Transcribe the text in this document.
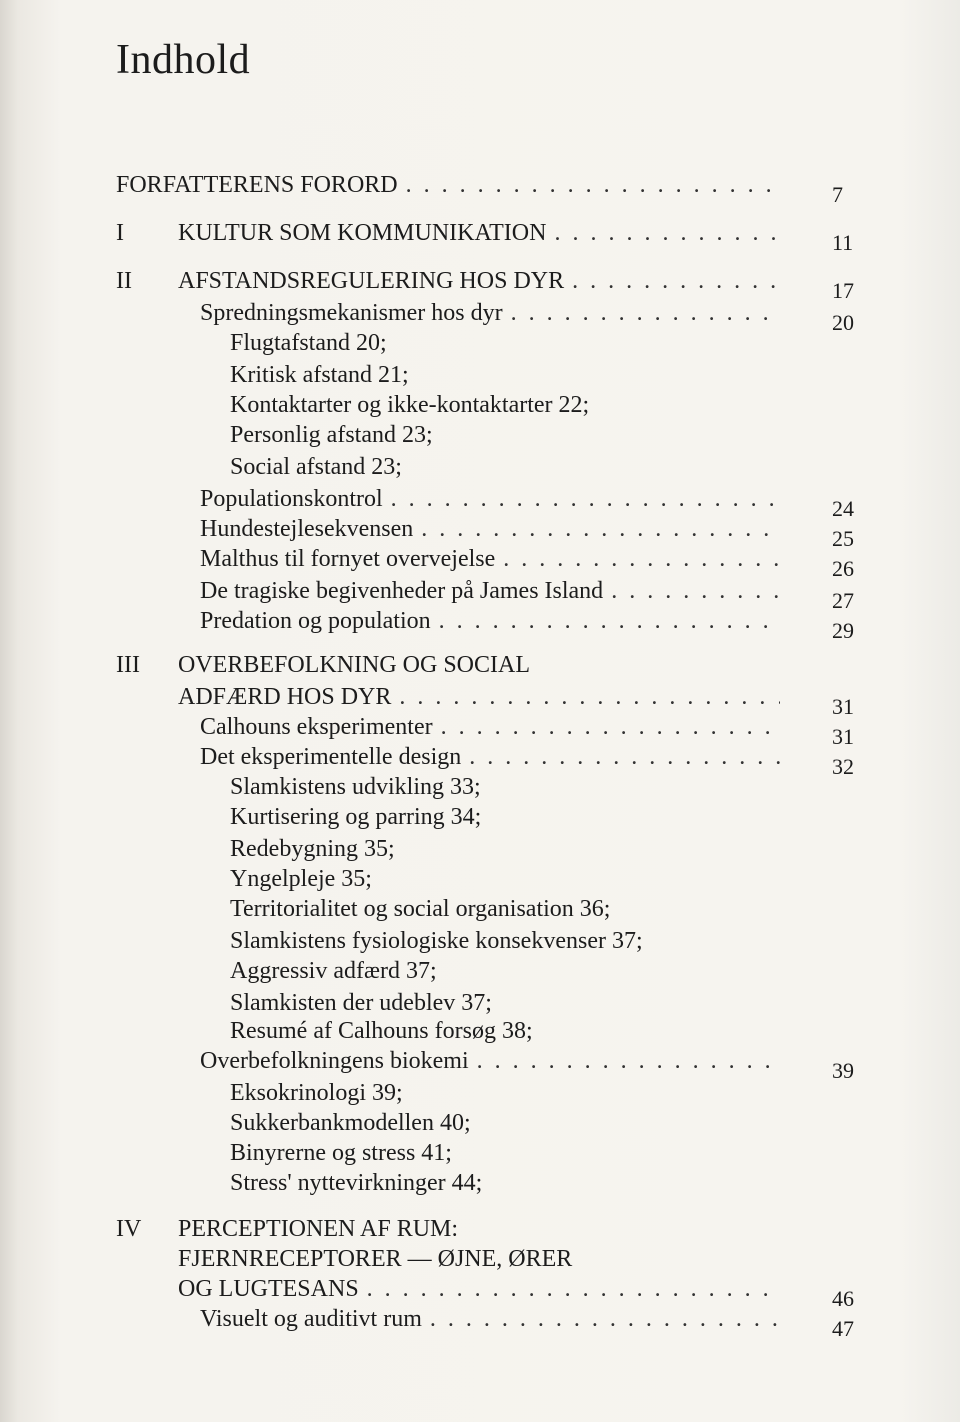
Indhold
FORFATTERENS FORORD . . .	7
I KULTUR SOM KOMMUNIKATION . . .	11
II AFSTANDSREGULERING HOS DYR . . .	17
Spredningsmekanismer hos dyr . . .	20
Flugtafstand 20;
Kritisk afstand 21;
Kontaktarter og ikke-kontaktarter 22;
Personlig afstand 23;
Social afstand 23;
Populationskontrol . . .	24
Hundestejlesekvensen . . .	25
Malthus til fornyet overvejelse . . .	26
De tragiske begivenheder på James Island . . .	27
Predation og population . . .	29
III OVERBEFOLKNING OG SOCIAL
ADFÆRD HOS DYR . . .	31
Calhouns eksperimenter . . .	31
Det eksperimentelle design . . .	32
Slamkistens udvikling 33;
Kurtisering og parring 34;
Redebygning 35;
Yngelpleje 35;
Territorialitet og social organisation 36;
Slamkistens fysiologiske konsekvenser 37;
Aggressiv adfærd 37;
Slamkisten der udeblev 37;
Resumé af Calhouns forsøg 38;
Overbefolkningens biokemi . . .	39
Eksokrinologi 39;
Sukkerbankmodellen 40;
Binyrerne og stress 41;
Stress' nyttevirkninger 44;
IV PERCEPTIONEN AF RUM:
FJERNRECEPTORER — ØJNE, ØRER
OG LUGTESANS . . .	46
Visuelt og auditivt rum . . .	47
